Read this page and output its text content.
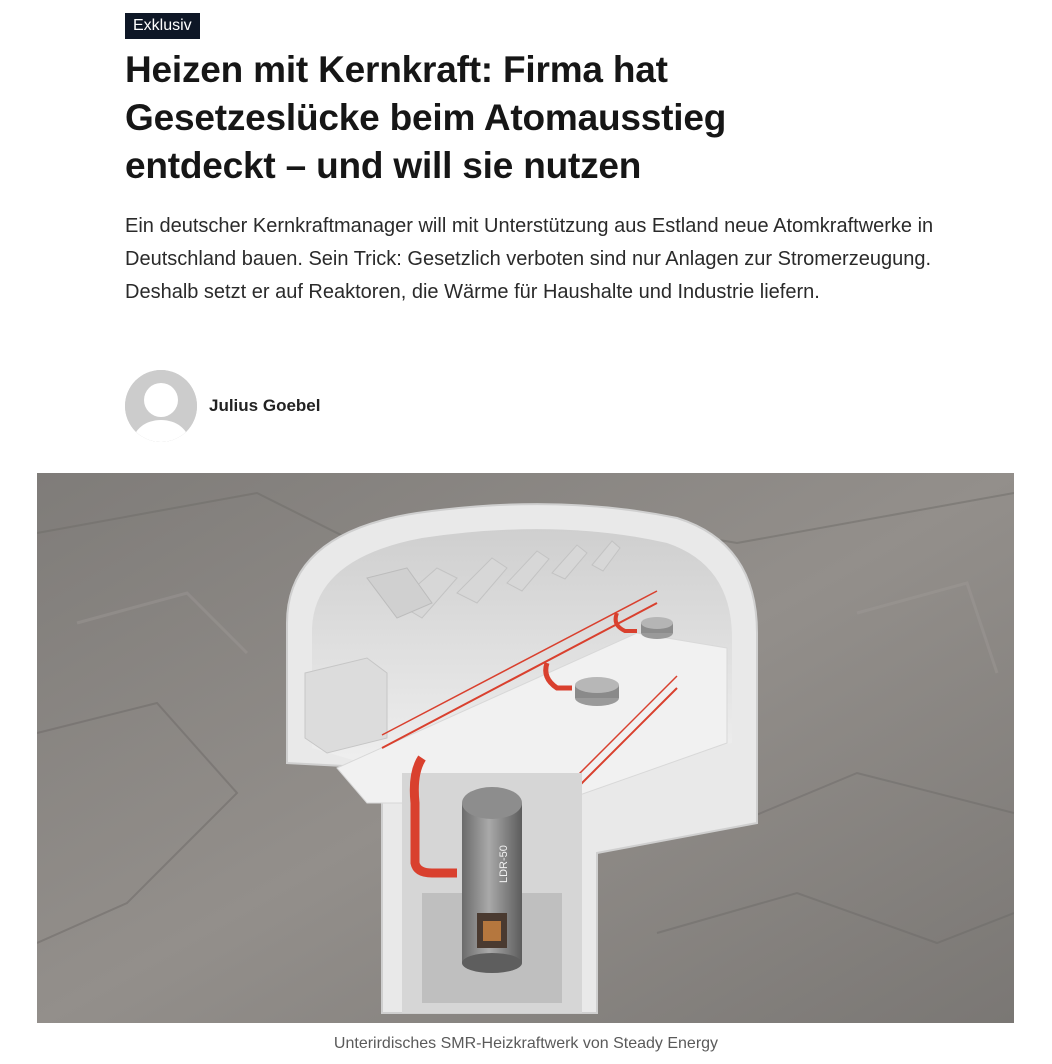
Exklusiv
Heizen mit Kernkraft: Firma hat Gesetzeslücke beim Atomausstieg entdeckt – und will sie nutzen

Ein deutscher Kernkraftmanager will mit Unterstützung aus Estland neue Atomkraftwerke in Deutschland bauen. Sein Trick: Gesetzlich verboten sind nur Anlagen zur Stromerzeugung. Deshalb setzt er auf Reaktoren, die Wärme für Haushalte und Industrie liefern.

Julius Goebel
LDR-50
Unterirdisches SMR-Heizkraftwerk von Steady Energy
